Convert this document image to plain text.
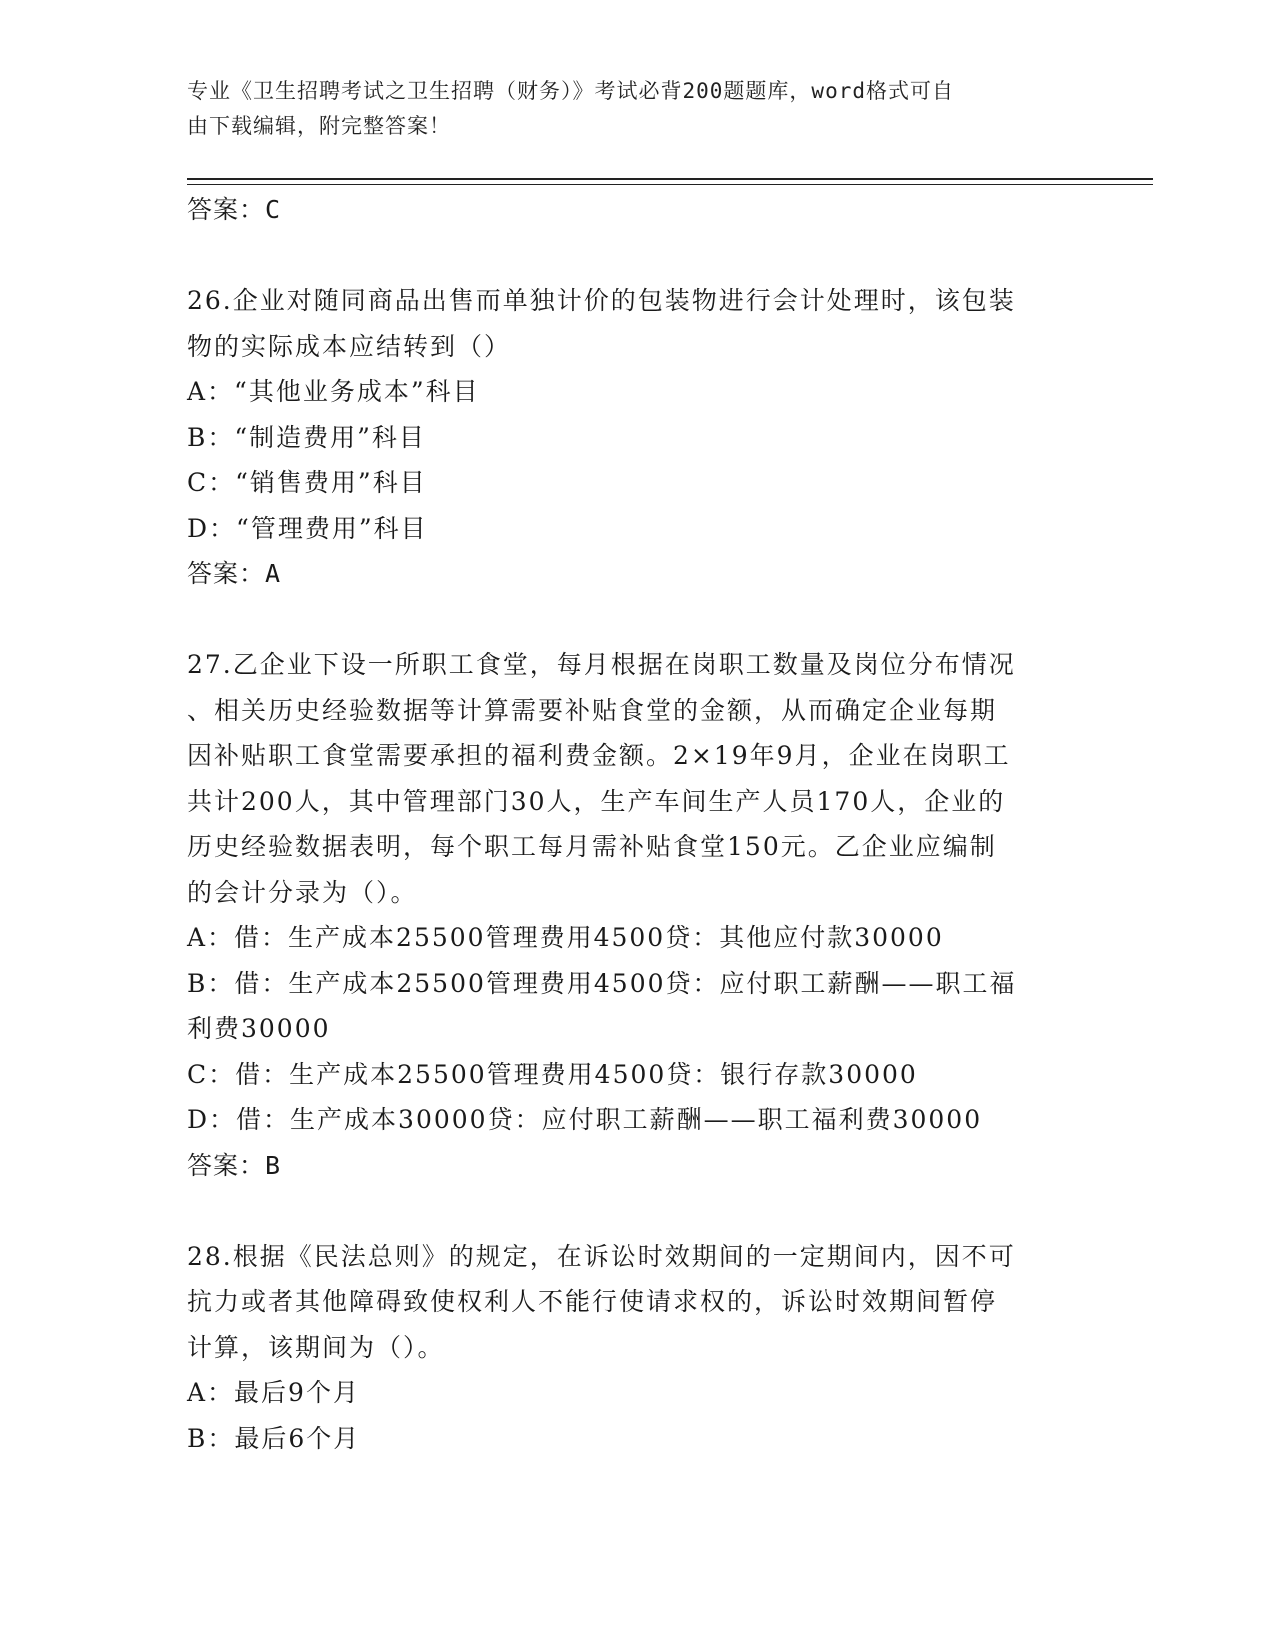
专业《卫生招聘考试之卫生招聘（财务）》考试必背200题题库，word格式可自
由下载编辑，附完整答案！
答案：C
26.企业对随同商品出售而单独计价的包装物进行会计处理时，该包装
物的实际成本应结转到（）
A：“其他业务成本”科目
B：“制造费用”科目
C：“销售费用”科目
D：“管理费用”科目
答案：A
27.乙企业下设一所职工食堂，每月根据在岗职工数量及岗位分布情况
、相关历史经验数据等计算需要补贴食堂的金额，从而确定企业每期
因补贴职工食堂需要承担的福利费金额。2×19年9月，企业在岗职工
共计200人，其中管理部门30人，生产车间生产人员170人，企业的
历史经验数据表明，每个职工每月需补贴食堂150元。乙企业应编制
的会计分录为（）。
A：借：生产成本25500管理费用4500贷：其他应付款30000
B：借：生产成本25500管理费用4500贷：应付职工薪酬——职工福
利费30000
C：借：生产成本25500管理费用4500贷：银行存款30000
D：借：生产成本30000贷：应付职工薪酬——职工福利费30000
答案：B
28.根据《民法总则》的规定，在诉讼时效期间的一定期间内，因不可
抗力或者其他障碍致使权利人不能行使请求权的，诉讼时效期间暂停
计算，该期间为（）。
A：最后9个月
B：最后6个月
